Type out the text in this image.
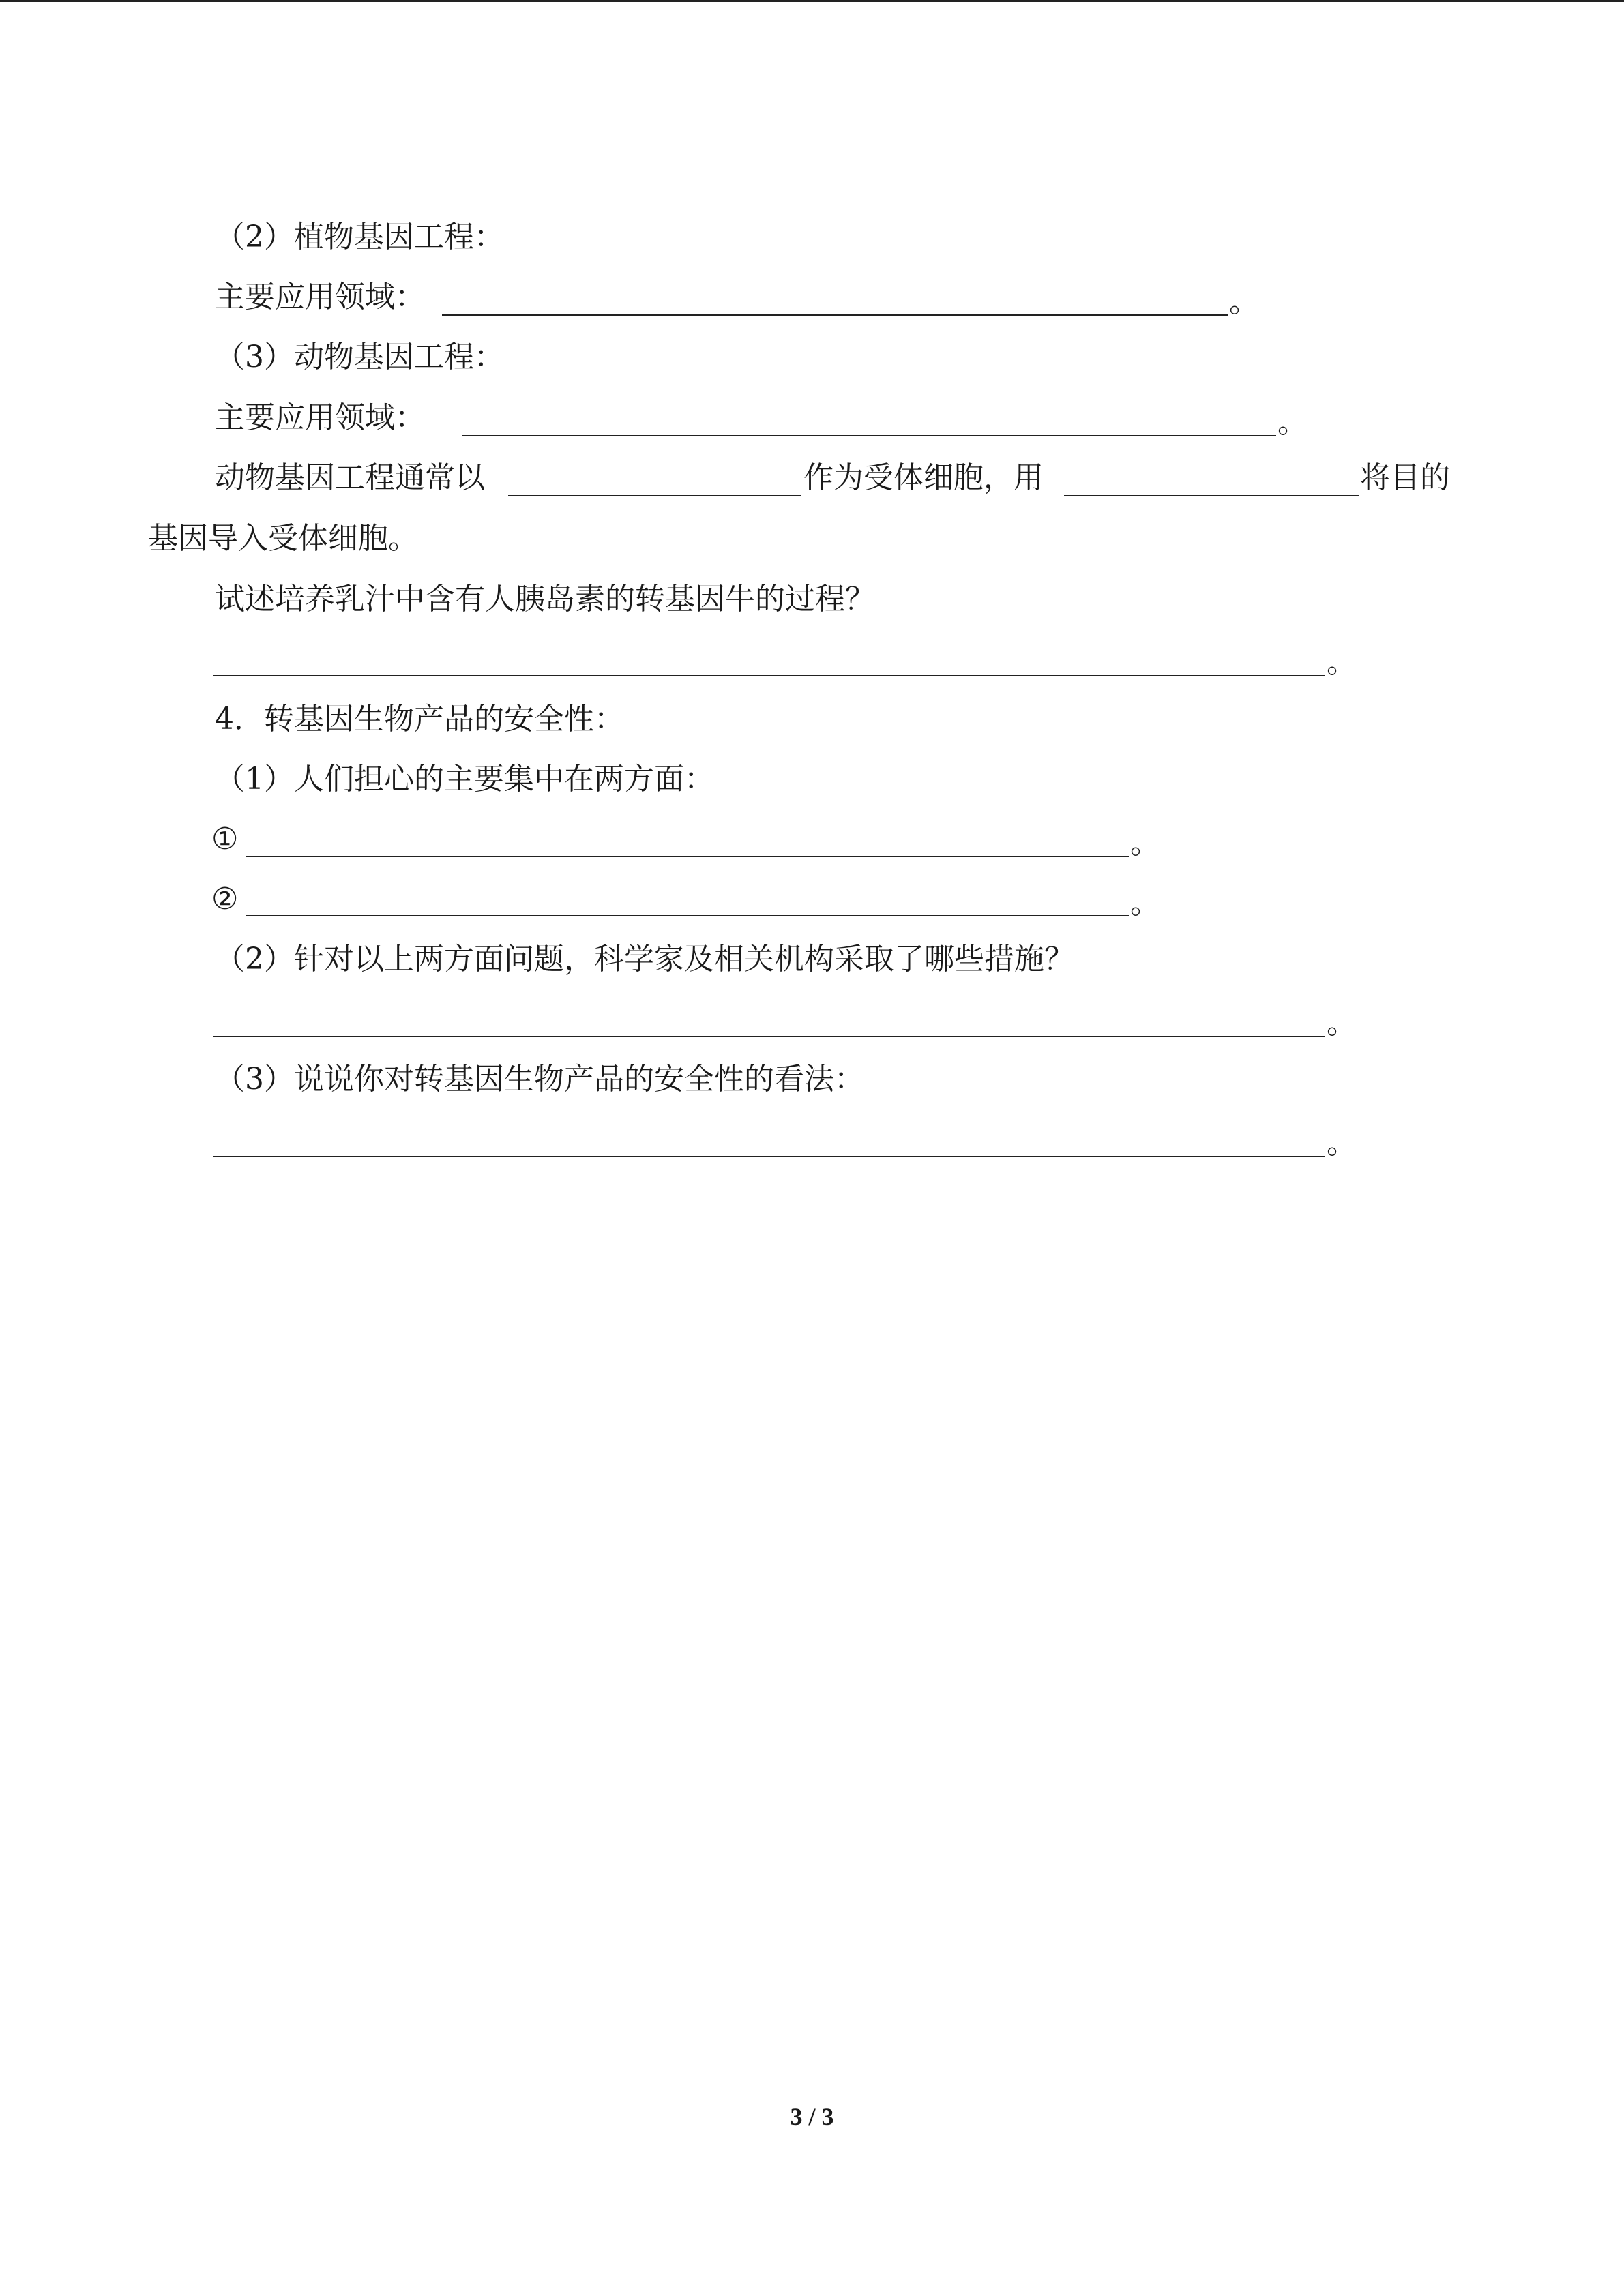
（2）植物基因工程：
主要应用领域：	。
（3）动物基因工程：
主要应用领域：	。
动物基因工程通常以	作为受体细胞，用	将目的
基因导入受体细胞。
试述培养乳汁中含有人胰岛素的转基因牛的过程？
。
4．转基因生物产品的安全性：
（1）人们担心的主要集中在两方面：
①	。
②	。
（2）针对以上两方面问题，科学家及相关机构采取了哪些措施？
。
（3）说说你对转基因生物产品的安全性的看法：
。
3 / 3
